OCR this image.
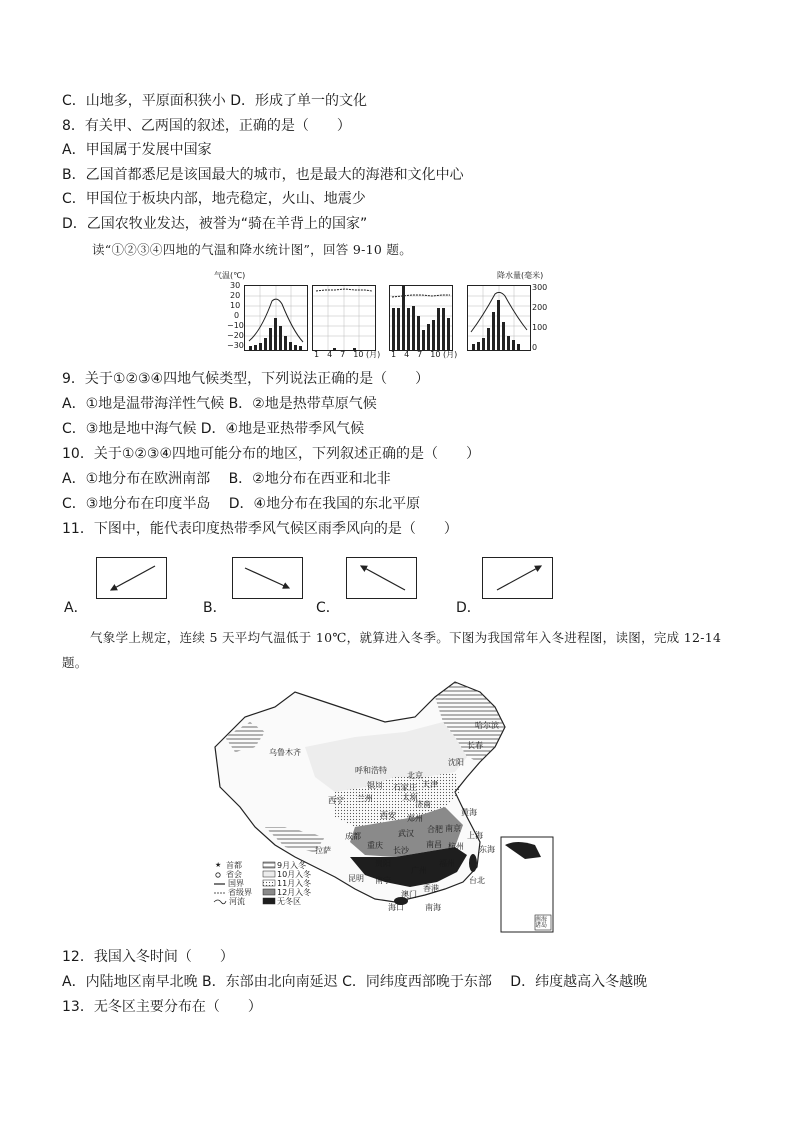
C．山地多，平原面积狭小 D．形成了单一的文化
8．有关甲、乙两国的叙述，正确的是（　　）
A．甲国属于发展中国家
B．乙国首都悉尼是该国最大的城市，也是最大的海港和文化中心
C．甲国位于板块内部，地壳稳定，火山、地震少
D．乙国农牧业发达，被誉为“骑在羊背上的国家”
读“①②③④四地的气温和降水统计图”，回答 9-10 题。
气温(℃)	降水量(毫米)
30
20
10
0
−10
−20
−30
300
200
100
0
1　4　7　10 (月) 1　4　7　10 (月)
9．关于①②③④四地气候类型，下列说法正确的是（　　）
A．①地是温带海洋性气候 B．②地是热带草原气候
C．③地是地中海气候 D．④地是亚热带季风气候
10．关于①②③④四地可能分布的地区，下列叙述正确的是（　　）
A．①地分布在欧洲南部　 B．②地分布在西亚和北非
C．③地分布在印度半岛　 D．④地分布在我国的东北平原
11．下图中，能代表印度热带季风气候区雨季风向的是（　　）
A．	B．	C．	D．
气象学上规定，连续 5 天平均气温低于 10℃，就算进入冬季。下图为我国常年入冬进程图，读图，完成 12-14
题。
★
乌鲁木齐
哈尔滨
长春
沈阳
呼和浩特
北京
天津
石家庄
太原
银川
兰州
西宁
西安
济南
郑州
合肥 南京
上海
武汉
杭州
成都
重庆
长沙
南昌
拉萨
贵阳
昆明
福州
台北
广州
南宁
香港
澳门
海口
黄海
东海
南海
首都
省会
国界
省级界
河流
9月入冬
10月入冬
11月入冬
12月入冬
无冬区
南海诸岛
12．我国入冬时间（　　）
A．内陆地区南早北晚 B．东部由北向南延迟 C．同纬度西部晚于东部　 D．纬度越高入冬越晚
13．无冬区主要分布在（　　）
